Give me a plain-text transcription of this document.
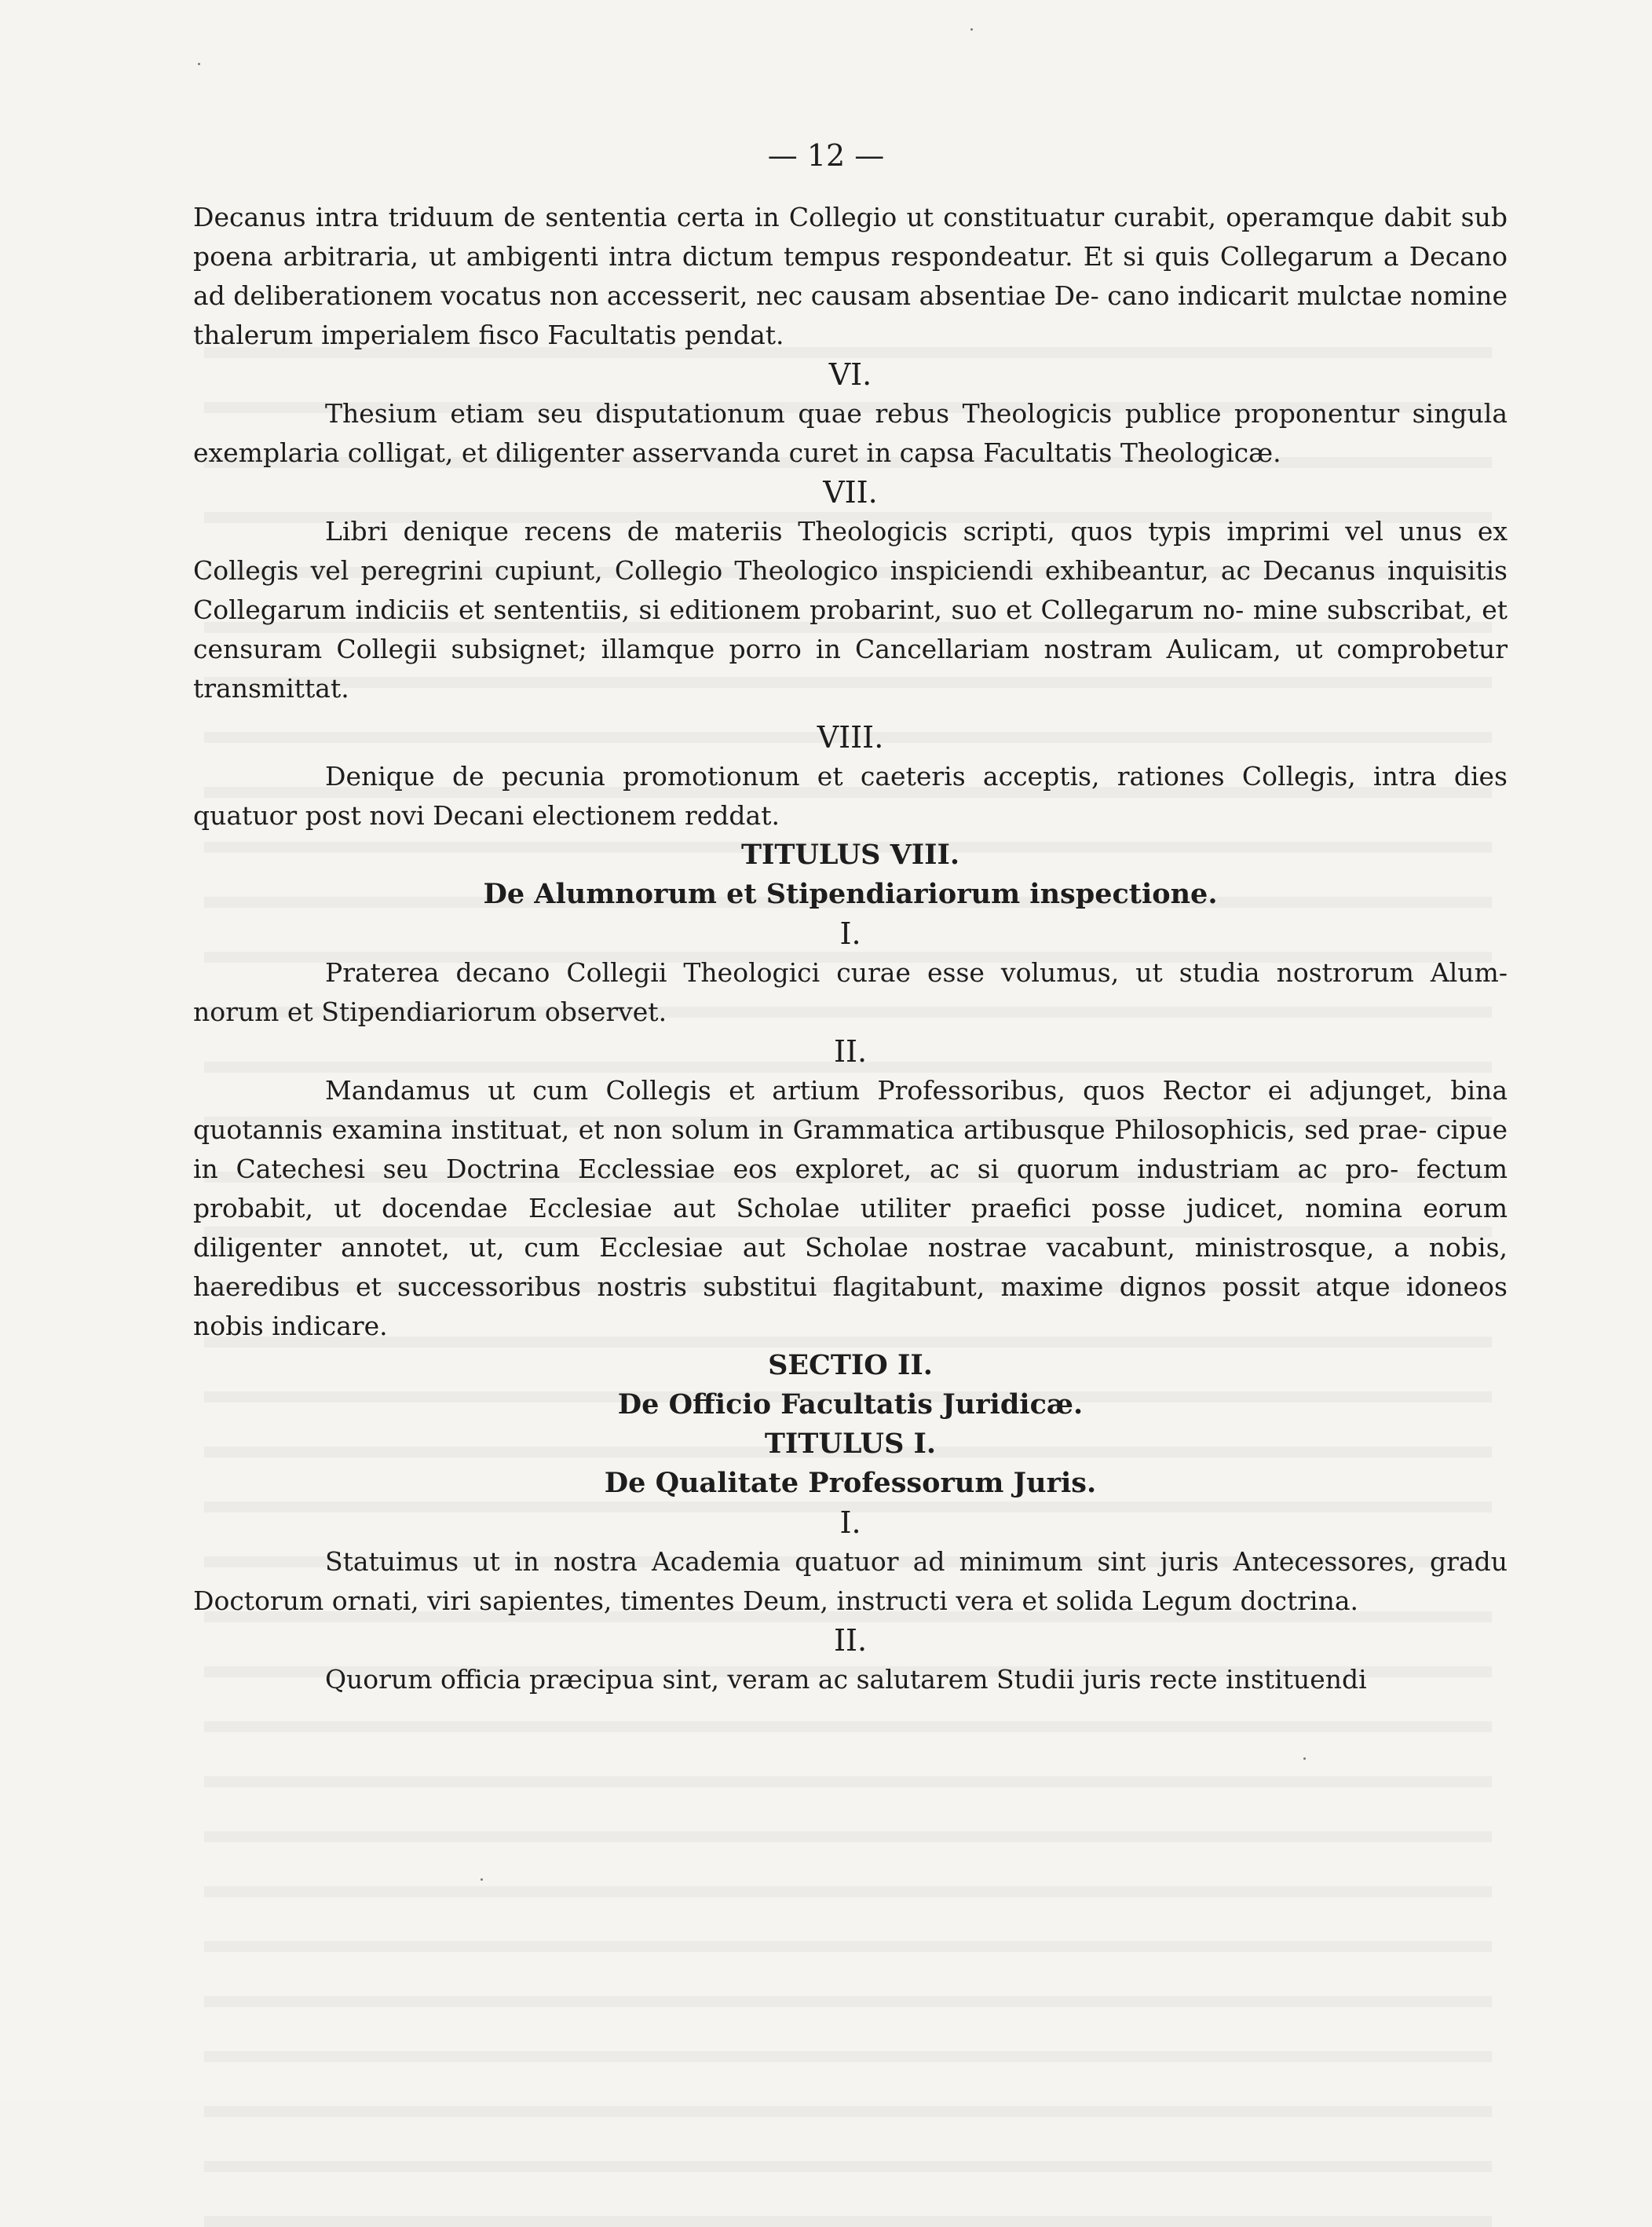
— 12 —

Decanus intra triduum de sententia certa in Collegio ut constituatur curabit, operamque dabit sub poena arbitraria, ut ambigenti intra dictum tempus respondeatur. Et si quis Collegarum a Decano ad deliberationem vocatus non accesserit, nec causam absentiae De- cano indicarit mulctae nomine thalerum imperialem fisco Facultatis pendat.

VI.

Thesium etiam seu disputationum quae rebus Theologicis publice proponentur singula exemplaria colligat, et diligenter asservanda curet in capsa Facultatis Theologicæ.

VII.

Libri denique recens de materiis Theologicis scripti, quos typis imprimi vel unus ex Collegis vel peregrini cupiunt, Collegio Theologico inspiciendi exhibeantur, ac Decanus inquisitis Collegarum indiciis et sententiis, si editionem probarint, suo et Collegarum no- mine subscribat, et censuram Collegii subsignet; illamque porro in Cancellariam nostram Aulicam, ut comprobetur transmittat.

VIII.

Denique de pecunia promotionum et caeteris acceptis, rationes Collegis, intra dies quatuor post novi Decani electionem reddat.

TITULUS VIII.

De Alumnorum et Stipendiariorum inspectione.

I.

Praterea decano Collegii Theologici curae esse volumus, ut studia nostrorum Alum- norum et Stipendiariorum observet.

II.

Mandamus ut cum Collegis et artium Professoribus, quos Rector ei adjunget, bina quotannis examina instituat, et non solum in Grammatica artibusque Philosophicis, sed prae- cipue in Catechesi seu Doctrina Ecclessiae eos exploret, ac si quorum industriam ac pro- fectum probabit, ut docendae Ecclesiae aut Scholae utiliter praefici posse judicet, nomina eorum diligenter annotet, ut, cum Ecclesiae aut Scholae nostrae vacabunt, ministrosque, a nobis, haeredibus et successoribus nostris substitui flagitabunt, maxime dignos possit atque idoneos nobis indicare.

SECTIO II.

De Officio Facultatis Juridicæ.

TITULUS I.

De Qualitate Professorum Juris.

I.

Statuimus ut in nostra Academia quatuor ad minimum sint juris Antecessores, gradu Doctorum ornati, viri sapientes, timentes Deum, instructi vera et solida Legum doctrina.

II.

Quorum officia præcipua sint, veram ac salutarem Studii juris recte instituendi
